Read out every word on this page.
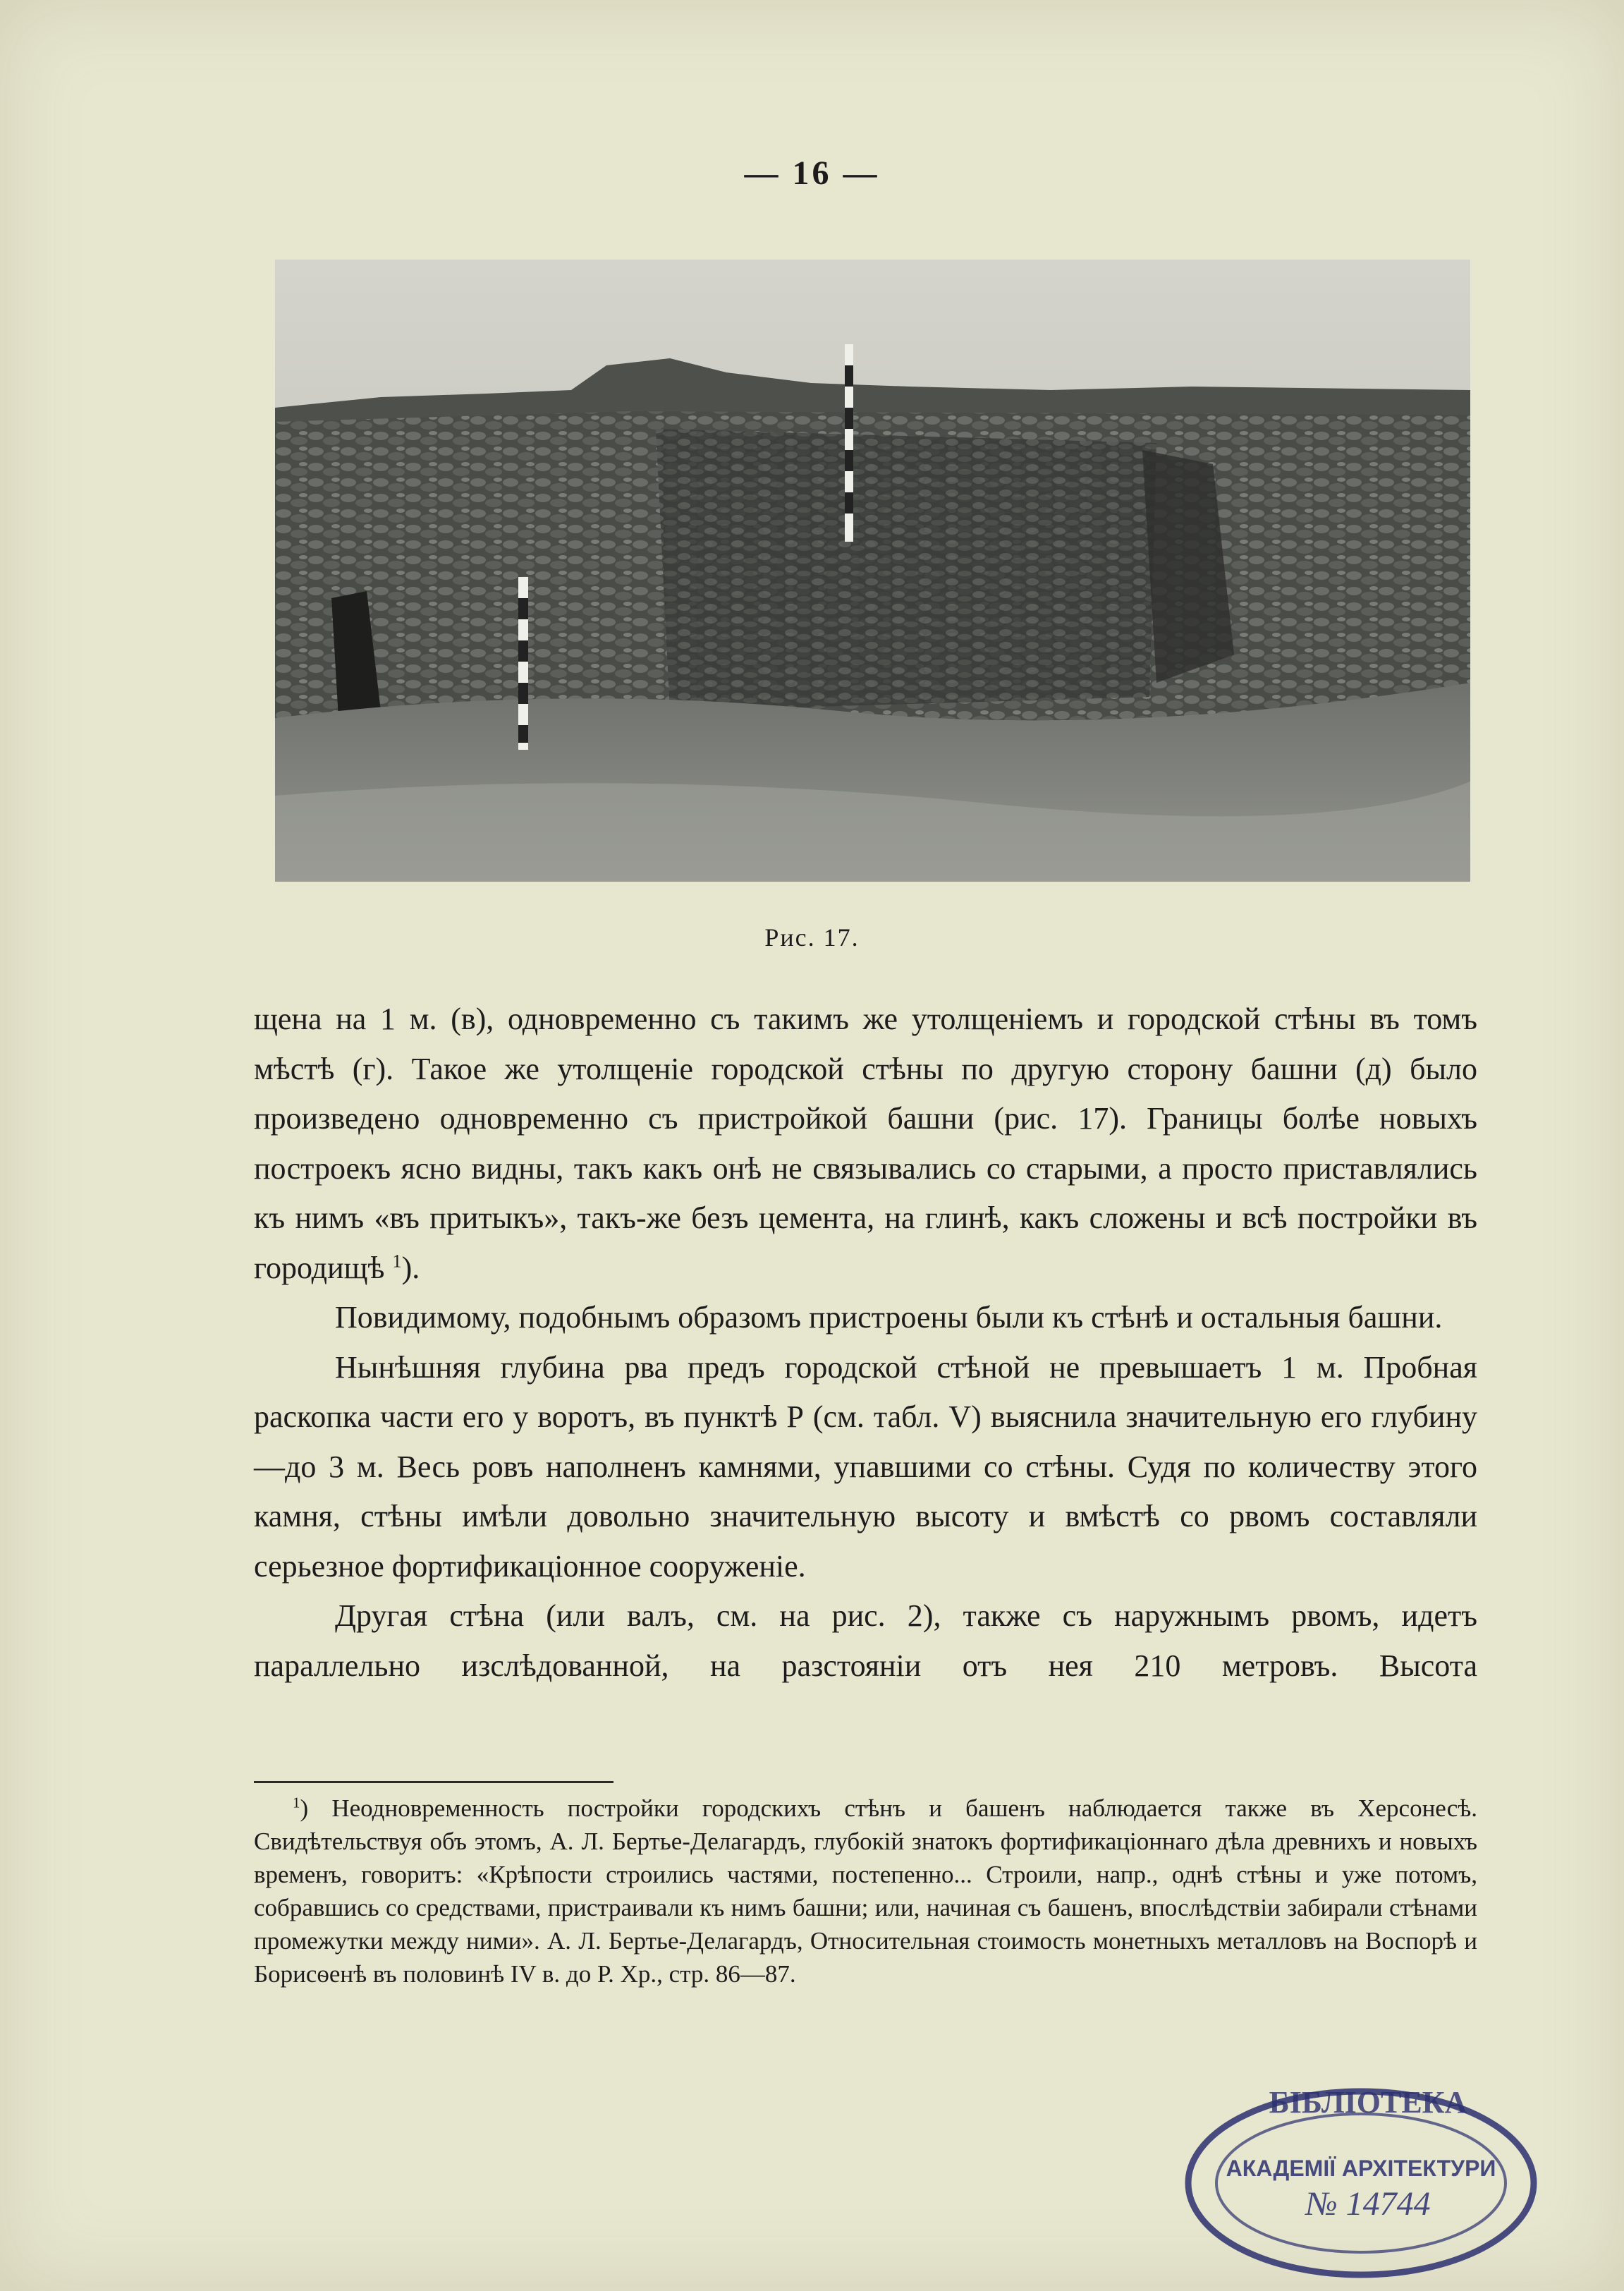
— 16 —
Рис. 17.

щена на 1 м. (в), одновременно съ такимъ же утолщеніемъ и городской стѣны въ томъ мѣстѣ (г). Такое же утолщеніе городской стѣны по другую сторону башни (д) было произведено одновременно съ пристройкой башни (рис. 17). Границы болѣе новыхъ построекъ ясно видны, такъ какъ онѣ не связывались со старыми, а просто приставлялись къ нимъ «въ притыкъ», такъ-же безъ цемента, на глинѣ, какъ сложены и всѣ постройки въ городищѣ $^1$).

Повидимому, подобнымъ образомъ пристроены были къ стѣнѣ и остальныя башни.

Нынѣшняя глубина рва предъ городской стѣной не превышаетъ 1 м. Пробная раскопка части его у воротъ, въ пунктѣ Р (см. табл. V) выяснила значительную его глубину—до 3 м. Весь ровъ наполненъ камнями, упавшими со стѣны. Судя по количеству этого камня, стѣны имѣли довольно значительную высоту и вмѣстѣ со рвомъ составляли серьезное фортификаціонное сооруженіе.

Другая стѣна (или валъ, см. на рис. 2), также съ наружнымъ рвомъ, идетъ параллельно изслѣдованной, на разстояніи отъ нея 210 метровъ. Высота

$^1$) Неодновременность постройки городскихъ стѣнъ и башенъ наблюдается также въ Херсонесѣ. Свидѣтельствуя объ этомъ, А. Л. Бертье-Делагардъ, глубокій знатокъ фортификаціоннаго дѣла древнихъ и новыхъ временъ, говоритъ: «Крѣпости строились частями, постепенно... Строили, напр., однѣ стѣны и уже потомъ, собравшись со средствами, пристраивали къ нимъ башни; или, начиная съ башенъ, впослѣдствіи забирали стѣнами промежутки между ними». А. Л. Бертье-Делагардъ, Относительная стоимость монетныхъ металловъ на Воспорѣ и Борисѳенѣ въ половинѣ IV в. до Р. Хр., стр. 86—87.

БІБЛІОТЕКА
АКАДЕМІЇ АРХІТЕКТУРИ
№ 14744
